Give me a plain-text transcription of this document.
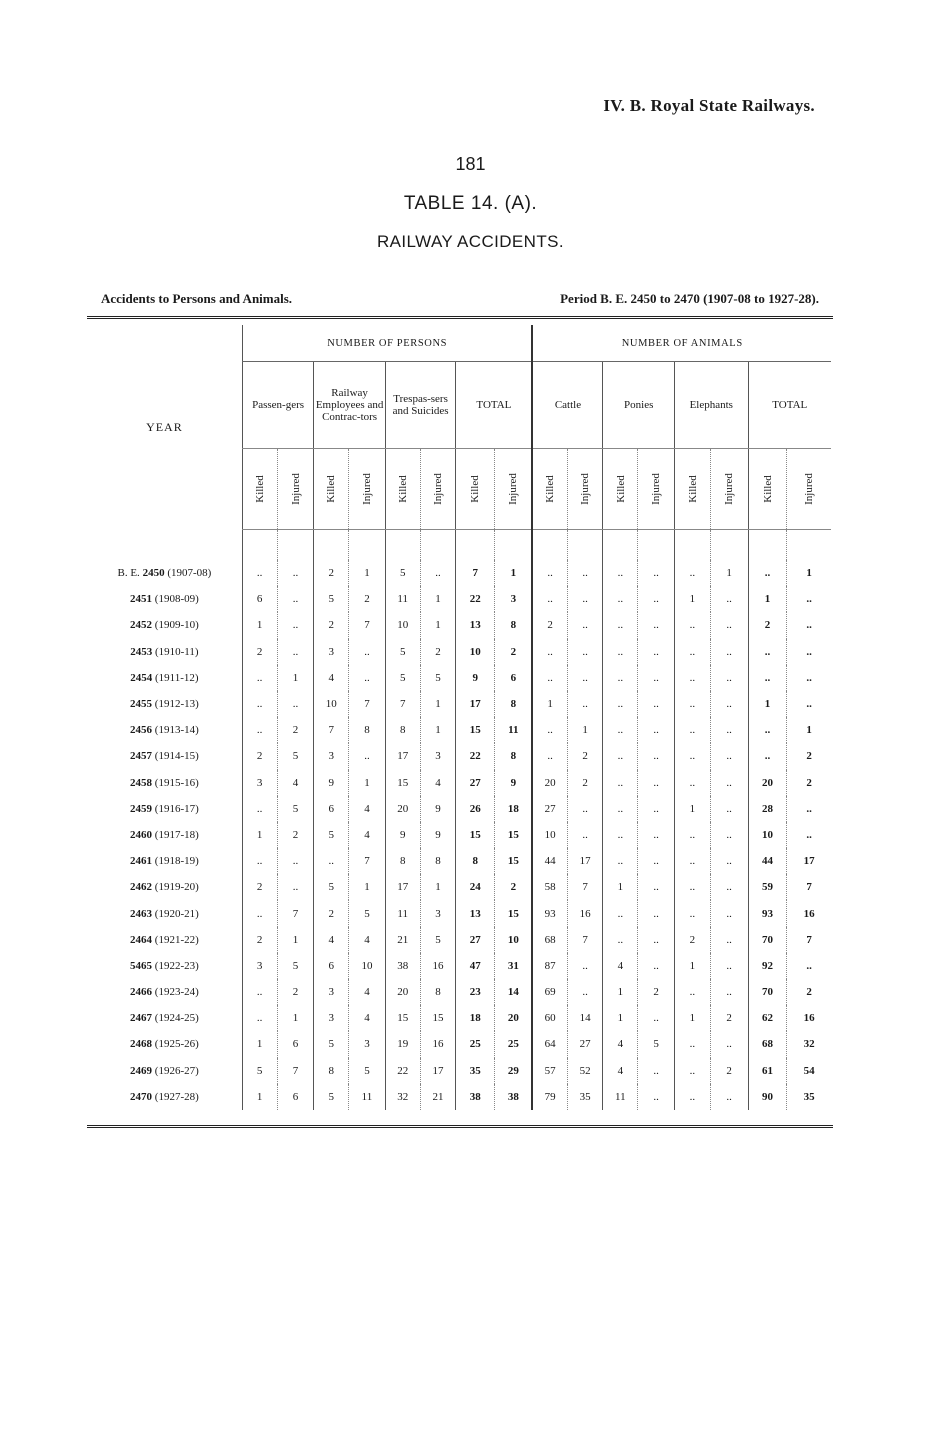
IV. B. Royal State Railways.
181
TABLE 14. (A).
RAILWAY ACCIDENTS.
Accidents to Persons and Animals.	Period B. E. 2450 to 2470 (1907-08 to 1927-28).
YEAR	NUMBER OF PERSONS								NUMBER OF ANIMALS							
	Passen-gers		Railway Employees and Contrac-tors		Trespas-sers and Suicides		TOTAL		Cattle		Ponies		Elephants		TOTAL	
	Killed	Injured	Killed	Injured	Killed	Injured	Killed	Injured	Killed	Injured	Killed	Injured	Killed	Injured	Killed	Injured

B. E. 2450 (1907-08)	..	..	2	1	5	..	7	1	..	..	..	..	..	1	..	1
2451 (1908-09)	6	..	5	2	11	1	22	3	..	..	..	..	1	..	1	..
2452 (1909-10)	1	..	2	7	10	1	13	8	2	..	..	..	..	..	2	..
2453 (1910-11)	2	..	3	..	5	2	10	2	..	..	..	..	..	..	..	..
2454 (1911-12)	..	1	4	..	5	5	9	6	..	..	..	..	..	..	..	..
2455 (1912-13)	..	..	10	7	7	1	17	8	1	..	..	..	..	..	1	..
2456 (1913-14)	..	2	7	8	8	1	15	11	..	1	..	..	..	..	..	1
2457 (1914-15)	2	5	3	..	17	3	22	8	..	2	..	..	..	..	..	2
2458 (1915-16)	3	4	9	1	15	4	27	9	20	2	..	..	..	..	20	2
2459 (1916-17)	..	5	6	4	20	9	26	18	27	..	..	..	1	..	28	..
2460 (1917-18)	1	2	5	4	9	9	15	15	10	..	..	..	..	..	10	..
2461 (1918-19)	..	..	..	7	8	8	8	15	44	17	..	..	..	..	44	17
2462 (1919-20)	2	..	5	1	17	1	24	2	58	7	1	..	..	..	59	7
2463 (1920-21)	..	7	2	5	11	3	13	15	93	16	..	..	..	..	93	16
2464 (1921-22)	2	1	4	4	21	5	27	10	68	7	..	..	2	..	70	7
5465 (1922-23)	3	5	6	10	38	16	47	31	87	..	4	..	1	..	92	..
2466 (1923-24)	..	2	3	4	20	8	23	14	69	..	1	2	..	..	70	2
2467 (1924-25)	..	1	3	4	15	15	18	20	60	14	1	..	1	2	62	16
2468 (1925-26)	1	6	5	3	19	16	25	25	64	27	4	5	..	..	68	32
2469 (1926-27)	5	7	8	5	22	17	35	29	57	52	4	..	..	2	61	54
2470 (1927-28)	1	6	5	11	32	21	38	38	79	35	11	..	..	..	90	35
